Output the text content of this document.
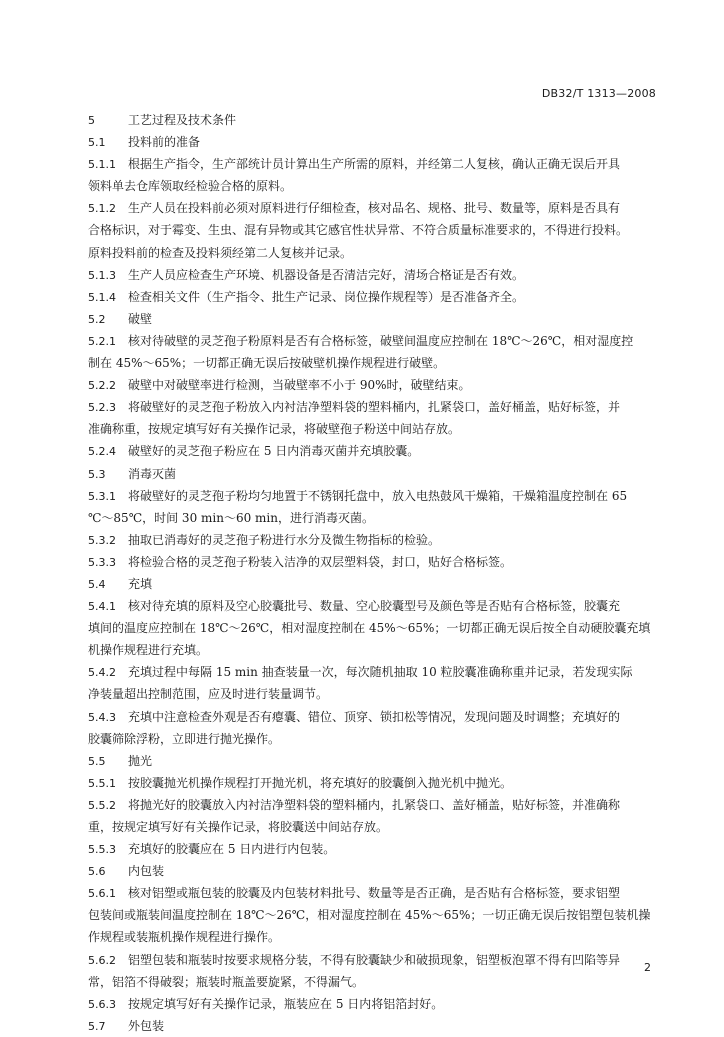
DB32/T 1313—2008
5	工艺过程及技术条件
5.1 投料前的准备
5.1.1 根据生产指令，生产部统计员计算出生产所需的原料，并经第二人复核，确认正确无误后开具
领料单去仓库领取经检验合格的原料。
5.1.2 生产人员在投料前必须对原料进行仔细检查，核对品名、规格、批号、数量等，原料是否具有
合格标识，对于霉变、生虫、混有异物或其它感官性状异常、不符合质量标准要求的，不得进行投料。
原料投料前的检查及投料须经第二人复核并记录。
5.1.3 生产人员应检查生产环境、机器设备是否清洁完好，清场合格证是否有效。
5.1.4 检查相关文件（生产指令、批生产记录、岗位操作规程等）是否准备齐全。
5.2 破壁
5.2.1 核对待破壁的灵芝孢子粉原料是否有合格标签，破壁间温度应控制在 18℃～26℃，相对湿度控
制在 45%～65%；一切都正确无误后按破壁机操作规程进行破壁。
5.2.2 破壁中对破壁率进行检测，当破壁率不小于 90%时，破壁结束。
5.2.3 将破壁好的灵芝孢子粉放入内衬洁净塑料袋的塑料桶内，扎紧袋口，盖好桶盖，贴好标签，并
准确称重，按规定填写好有关操作记录，将破壁孢子粉送中间站存放。
5.2.4 破壁好的灵芝孢子粉应在 5 日内消毒灭菌并充填胶囊。
5.3 消毒灭菌
5.3.1 将破壁好的灵芝孢子粉均匀地置于不锈钢托盘中，放入电热鼓风干燥箱，干燥箱温度控制在 65
℃～85℃，时间 30 min～60 min，进行消毒灭菌。
5.3.2 抽取已消毒好的灵芝孢子粉进行水分及微生物指标的检验。
5.3.3 将检验合格的灵芝孢子粉装入洁净的双层塑料袋，封口，贴好合格标签。
5.4 充填
5.4.1 核对待充填的原料及空心胶囊批号、数量、空心胶囊型号及颜色等是否贴有合格标签，胶囊充
填间的温度应控制在 18℃～26℃，相对湿度控制在 45%～65%；一切都正确无误后按全自动硬胶囊充填
机操作规程进行充填。
5.4.2 充填过程中每隔 15 min 抽查装量一次，每次随机抽取 10 粒胶囊准确称重并记录，若发现实际
净装量超出控制范围，应及时进行装量调节。
5.4.3 充填中注意检查外观是否有瘪囊、错位、顶穿、锁扣松等情况，发现问题及时调整；充填好的
胶囊筛除浮粉，立即进行抛光操作。
5.5 抛光
5.5.1 按胶囊抛光机操作规程打开抛光机，将充填好的胶囊倒入抛光机中抛光。
5.5.2 将抛光好的胶囊放入内衬洁净塑料袋的塑料桶内，扎紧袋口、盖好桶盖，贴好标签，并准确称
重，按规定填写好有关操作记录，将胶囊送中间站存放。
5.5.3 充填好的胶囊应在 5 日内进行内包装。
5.6 内包装
5.6.1 核对铝塑或瓶包装的胶囊及内包装材料批号、数量等是否正确，是否贴有合格标签，要求铝塑
包装间或瓶装间温度控制在 18℃～26℃，相对湿度控制在 45%～65%；一切正确无误后按铝塑包装机操
作规程或装瓶机操作规程进行操作。
5.6.2 铝塑包装和瓶装时按要求规格分装，不得有胶囊缺少和破损现象，铝塑板泡罩不得有凹陷等异
常，铝箔不得破裂；瓶装时瓶盖要旋紧，不得漏气。
5.6.3 按规定填写好有关操作记录，瓶装应在 5 日内将铝箔封好。
5.7 外包装
2
